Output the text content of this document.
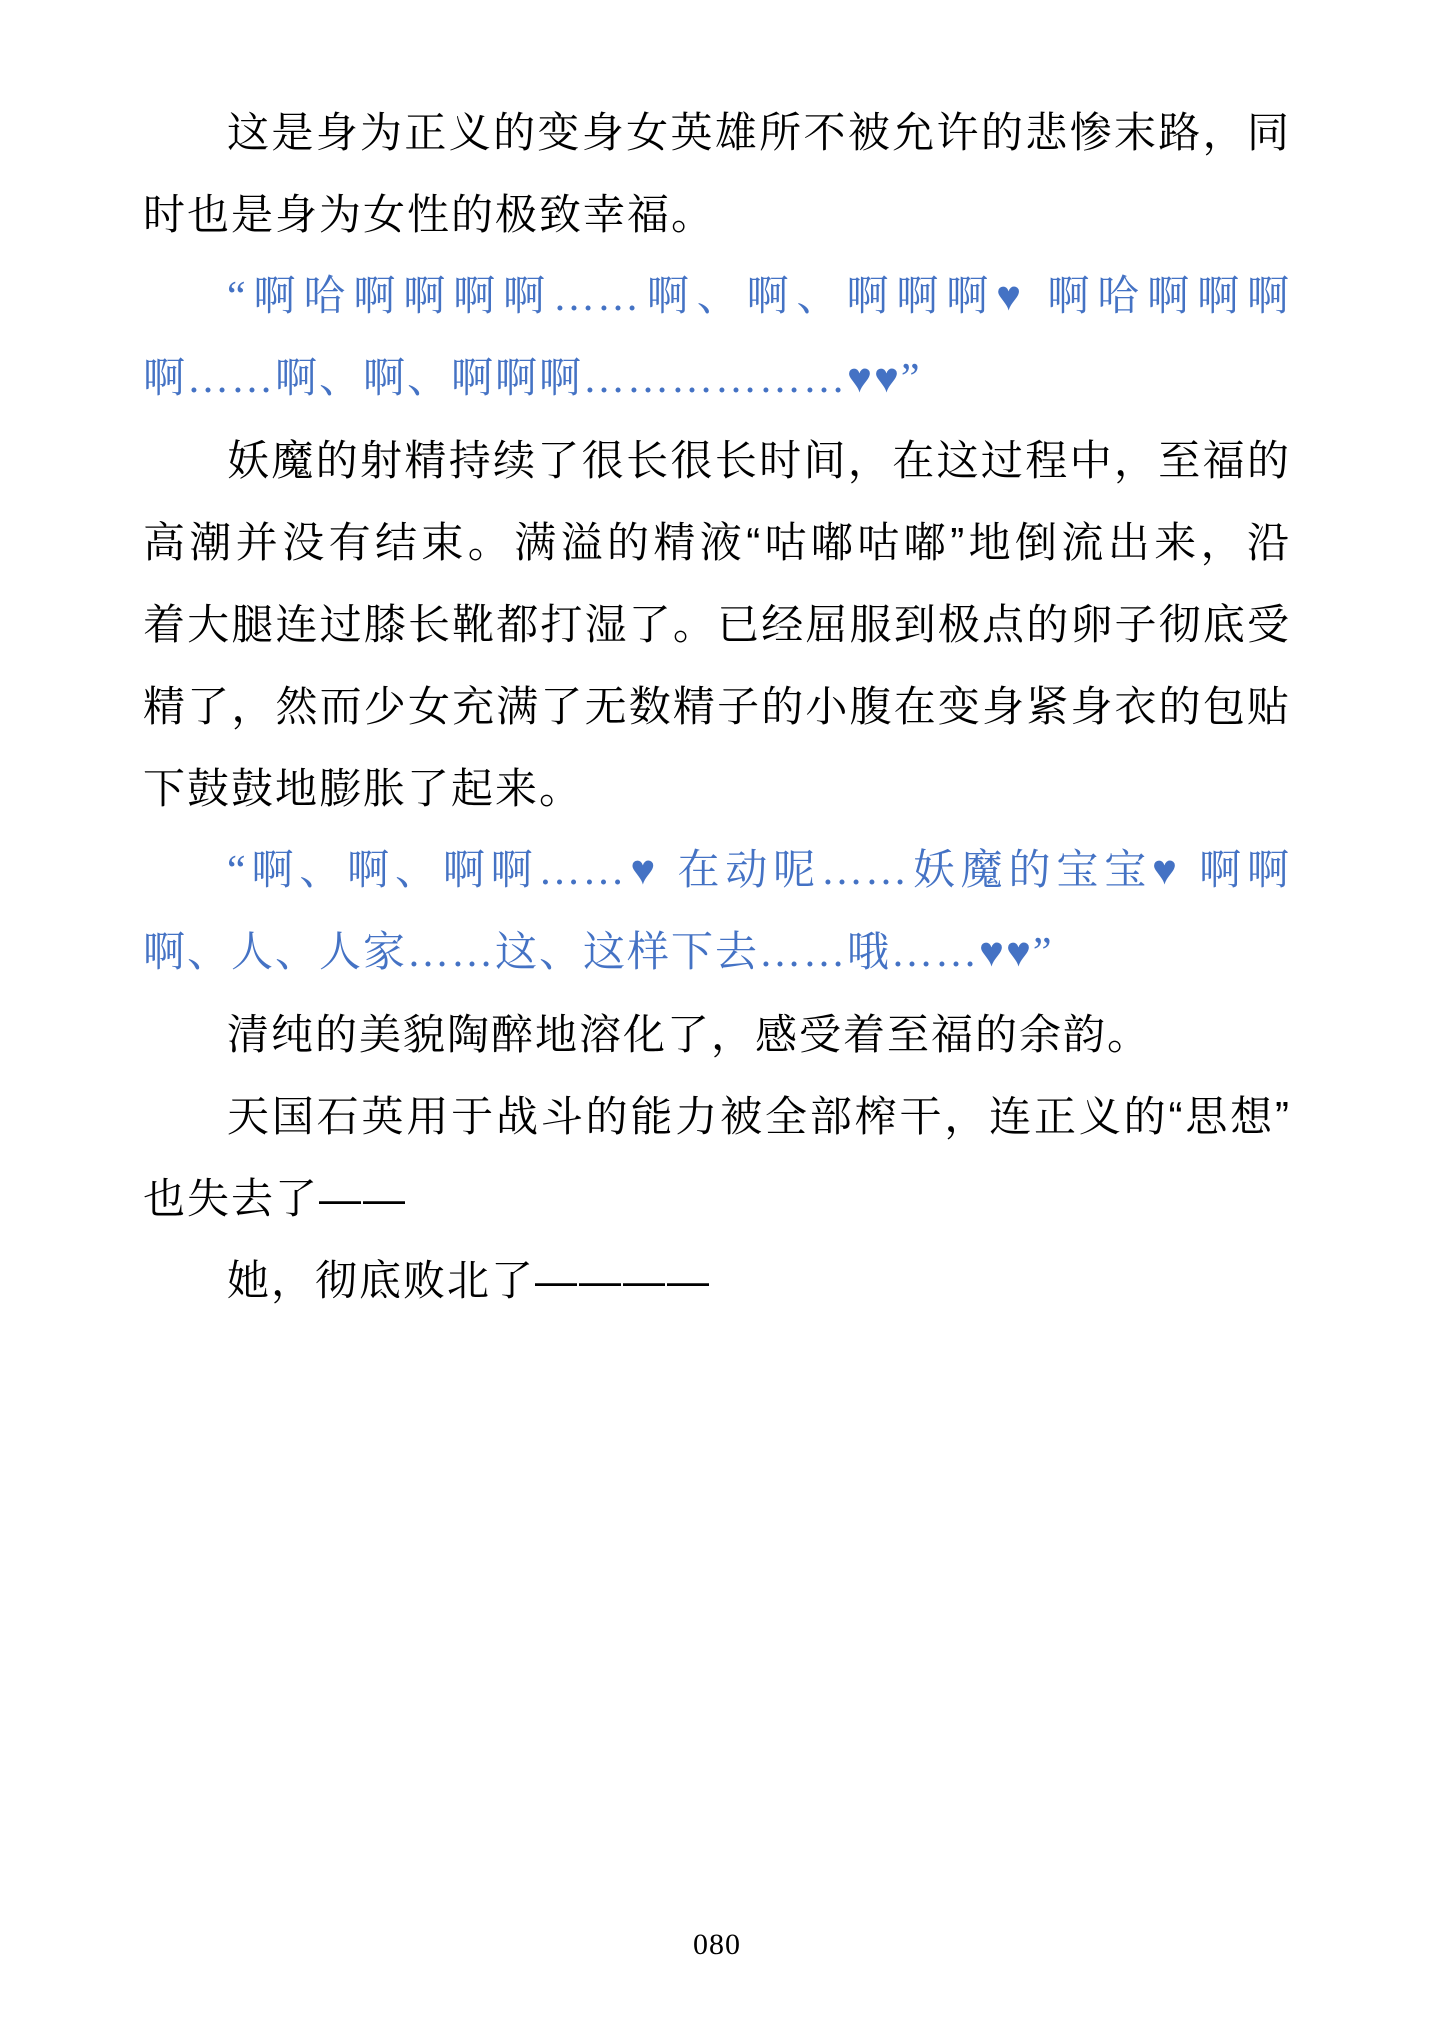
这是身为正义的变身女英雄所不被允许的悲惨末路，同
时也是身为女性的极致幸福。
“啊哈啊啊啊啊……啊、啊、啊啊啊♥ 啊哈啊啊啊
啊……啊、啊、啊啊啊………………♥♥”
妖魔的射精持续了很长很长时间，在这过程中，至福的
高潮并没有结束。满溢的精液“咕嘟咕嘟”地倒流出来，沿
着大腿连过膝长靴都打湿了。已经屈服到极点的卵子彻底受
精了，然而少女充满了无数精子的小腹在变身紧身衣的包贴
下鼓鼓地膨胀了起来。
“啊、啊、啊啊……♥ 在动呢……妖魔的宝宝♥ 啊啊
啊、人、人家……这、这样下去……哦……♥♥”
清纯的美貌陶醉地溶化了，感受着至福的余韵。
天国石英用于战斗的能力被全部榨干，连正义的“思想”
也失去了——
她，彻底败北了————
080
